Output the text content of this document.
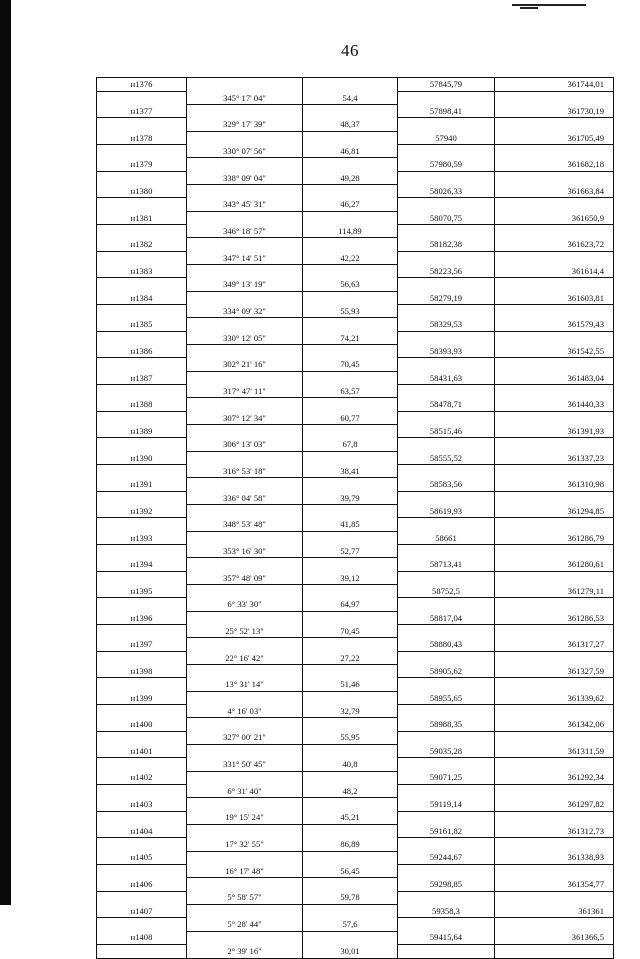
46
н1376			57845,79	361744,01
	345° 17' 04"	54,4		
н1377			57898,41	361730,19
	329° 17' 39"	48,37		
н1378			57940	361705,49
	330° 07' 56"	46,81		
н1379			57980,59	361682,18
	338° 09' 04"	49,28		
н1380			58026,33	361663,84
	343° 45' 31"	46,27		
н1381			58070,75	361650,9
	346° 18' 57"	114,89		
н1382			58182,38	361623,72
	347° 14' 51"	42,22		
н1383			58223,56	361614,4
	349° 13' 19"	56,63		
н1384			58279,19	361603,81
	334° 09' 32"	55,93		
н1385			58329,53	361579,43
	330° 12' 05"	74,21		
н1386			58393,93	361542,55
	302° 21' 16"	70,45		
н1387			58431,63	361483,04
	317° 47' 11"	63,57		
н1388			58478,71	361440,33
	307° 12' 34"	60,77		
н1389			58515,46	361391,93
	306° 13' 03"	67,8		
н1390			58555,52	361337,23
	316° 53' 18"	38,41		
н1391			58583,56	361310,98
	336° 04' 58"	39,79		
н1392			58619,93	361294,85
	348° 53' 48"	41,85		
н1393			58661	361286,79
	353° 16' 30"	52,77		
н1394			58713,41	361280,61
	357° 48' 09"	39,12		
н1395			58752,5	361279,11
	6° 33' 30"	64,97		
н1396			58817,04	361286,53
	25° 52' 13"	70,45		
н1397			58880,43	361317,27
	22° 16' 42"	27,22		
н1398			58905,62	361327,59
	13° 31' 14"	51,46		
н1399			58955,65	361339,62
	4° 16' 03"	32,79		
н1400			58988,35	361342,06
	327° 00' 21"	55,95		
н1401			59035,28	361311,59
	331° 50' 45"	40,8		
н1402			59071,25	361292,34
	6° 31' 40"	48,2		
н1403			59119,14	361297,82
	19° 15' 24"	45,21		
н1404			59161,82	361312,73
	17° 32' 55"	86,89		
н1405			59244,67	361338,93
	16° 17' 48"	56,45		
н1406			59298,85	361354,77
	5° 58' 57"	59,78		
н1407			59358,3	361361
	5° 28' 44"	57,6		
н1408			59415,64	361366,5
	2° 39' 16"	30,01		
